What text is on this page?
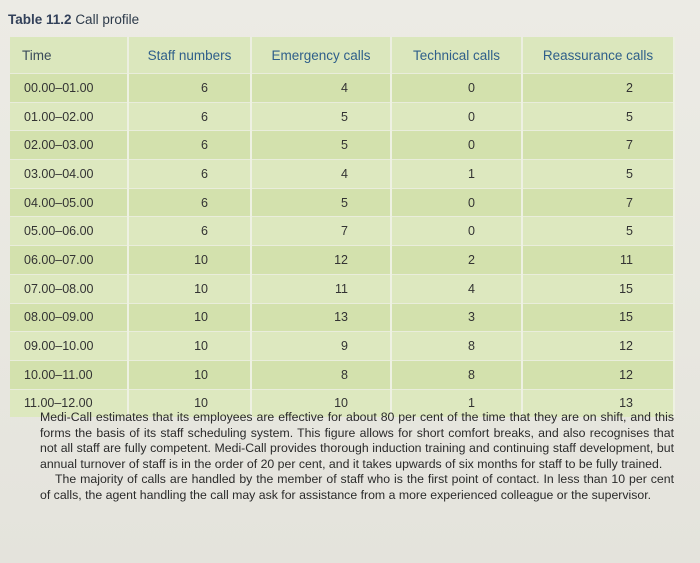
Table 11.2 Call profile
Time	Staff numbers	Emergency calls	Technical calls	Reassurance calls
00.00–01.00	6	4	0	2
01.00–02.00	6	5	0	5
02.00–03.00	6	5	0	7
03.00–04.00	6	4	1	5
04.00–05.00	6	5	0	7
05.00–06.00	6	7	0	5
06.00–07.00	10	12	2	11
07.00–08.00	10	11	4	15
08.00–09.00	10	13	3	15
09.00–10.00	10	9	8	12
10.00–11.00	10	8	8	12
11.00–12.00	10	10	1	13

Medi-Call estimates that its employees are effective for about 80 per cent of the time that they are on shift, and this forms the basis of its staff scheduling system. This figure allows for short comfort breaks, and also recognises that not all staff are fully competent. Medi-Call provides thorough induction training and continuing staff development, but annual turnover of staff is in the order of 20 per cent, and it takes upwards of six months for staff to be fully trained.

The majority of calls are handled by the member of staff who is the first point of contact. In less than 10 per cent of calls, the agent handling the call may ask for assistance from a more experienced colleague or the supervisor.
